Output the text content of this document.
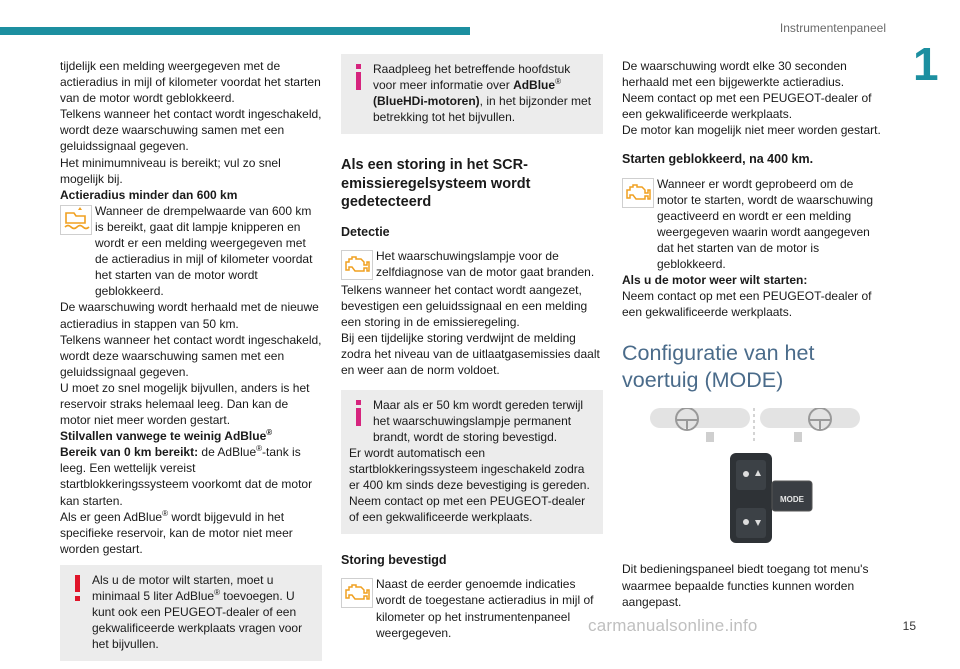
Instrumentenpaneel
1

tijdelijk een melding weergegeven met de actieradius in mijl of kilometer voordat het starten van de motor wordt geblokkeerd.

Telkens wanneer het contact wordt ingeschakeld, wordt deze waarschuwing samen met een geluidssignaal gegeven.

Het minimumniveau is bereikt; vul zo snel mogelijk bij.

Actieradius minder dan 600 km

Wanneer de drempelwaarde van 600 km is bereikt, gaat dit lampje knipperen en wordt er een melding weergegeven met de actieradius in mijl of kilometer voordat het starten van de motor wordt geblokkeerd.

De waarschuwing wordt herhaald met de nieuwe actieradius in stappen van 50 km.

Telkens wanneer het contact wordt ingeschakeld, wordt deze waarschuwing samen met een geluidssignaal gegeven.

U moet zo snel mogelijk bijvullen, anders is het reservoir straks helemaal leeg. Dan kan de motor niet meer worden gestart.

Stilvallen vanwege te weinig AdBlue®

Bereik van 0 km bereikt: de AdBlue®-tank is leeg. Een wettelijk vereist startblokkeringssysteem voorkomt dat de motor kan starten.

Als er geen AdBlue® wordt bijgevuld in het specifieke reservoir, kan de motor niet meer worden gestart.

Als u de motor wilt starten, moet u minimaal 5 liter AdBlue® toevoegen. U kunt ook een PEUGEOT-dealer of een gekwalificeerde werkplaats vragen voor het bijvullen.
Raadpleeg het betreffende hoofdstuk voor meer informatie over AdBlue® (BlueHDi-motoren), in het bijzonder met betrekking tot het bijvullen.
Als een storing in het SCR-emissieregelsysteem wordt gedetecteerd
Detectie
Het waarschuwingslampje voor de zelfdiagnose van de motor gaat branden.

Telkens wanneer het contact wordt aangezet, bevestigen een geluidssignaal en een melding een storing in de emissieregeling.

Bij een tijdelijke storing verdwijnt de melding zodra het niveau van de uitlaatgasemissies daalt en weer aan de norm voldoet.

Maar als er 50 km wordt gereden terwijl het waarschuwingslampje permanent brandt, wordt de storing bevestigd.
Er wordt automatisch een startblokkeringssysteem ingeschakeld zodra er 400 km sinds deze bevestiging is gereden.
Neem contact op met een PEUGEOT-dealer of een gekwalificeerde werkplaats.
Storing bevestigd
Naast de eerder genoemde indicaties wordt de toegestane actieradius in mijl of kilometer op het instrumentenpaneel weergegeven.

De waarschuwing wordt elke 30 seconden herhaald met een bijgewerkte actieradius.

Neem contact op met een PEUGEOT-dealer of een gekwalificeerde werkplaats.

De motor kan mogelijk niet meer worden gestart.

Starten geblokkeerd, na 400 km.
Wanneer er wordt geprobeerd om de motor te starten, wordt de waarschuwing geactiveerd en wordt er een melding weergegeven waarin wordt aangegeven dat het starten van de motor is geblokkeerd.

Als u de motor weer wilt starten:

Neem contact op met een PEUGEOT-dealer of een gekwalificeerde werkplaats.

Configuratie van het voertuig (MODE)
MODE

Dit bedieningspaneel biedt toegang tot menu's waarmee bepaalde functies kunnen worden aangepast.

15
carmanualsonline.info
